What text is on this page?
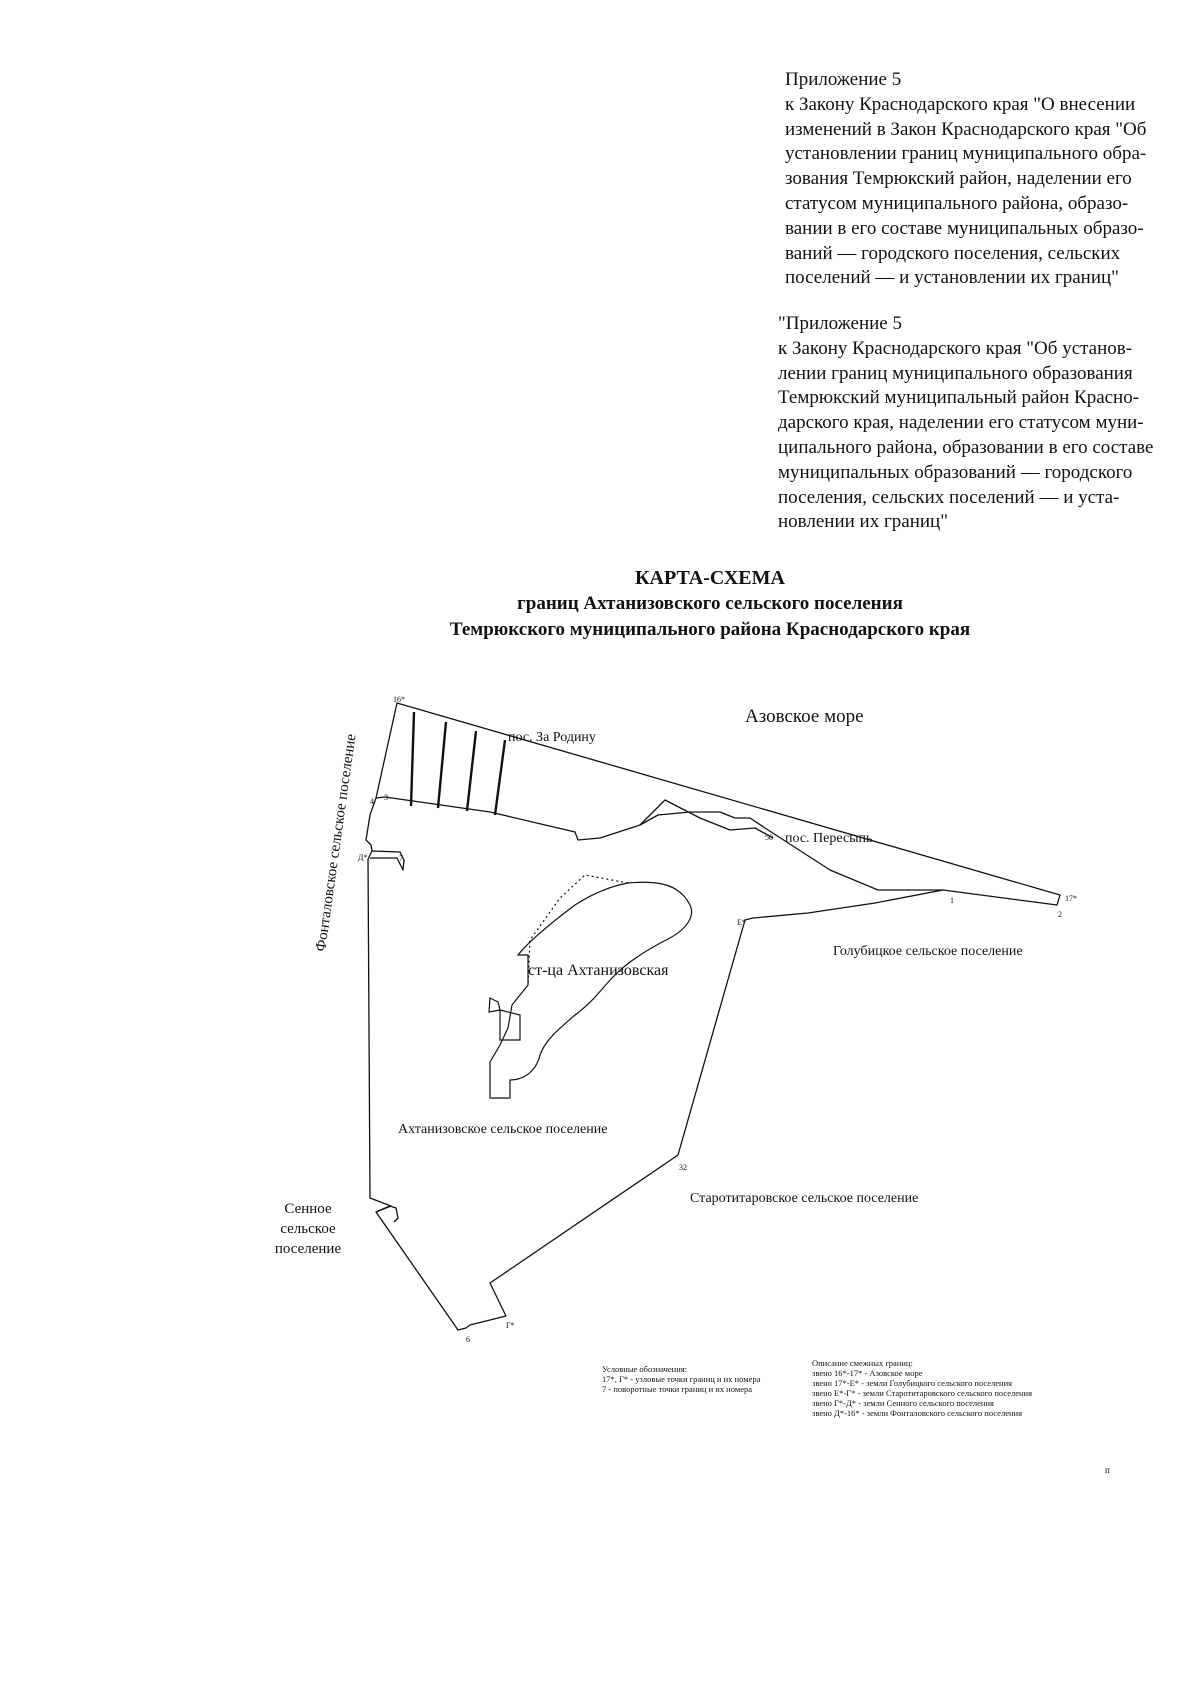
Приложение 5
к Закону Краснодарского края "О внесении
изменений в Закон Краснодарского края "Об
установлении границ муниципального обра-
зования Темрюкский район, наделении его
статусом муниципального района, образо-
вании в его составе муниципальных образо-
ваний — городского поселения, сельских
поселений — и установлении их границ"
"Приложение 5
к Закону Краснодарского края "Об установ-
лении границ муниципального образования
Темрюкский муниципальный район Красно-
дарского края, наделении его статусом муни-
ципального района, образовании в его составе
муниципальных образований — городского
поселения, сельских поселений — и уста-
новлении их границ"
КАРТА-СХЕМА
границ Ахтанизовского сельского поселения
Темрюкского муниципального района Краснодарского края
Азовское море
пос. За Родину
пос. Пересыпь
Фонталовское сельское поселение	Голубицкое сельское поселение
ст-ца Ахтанизовская
Ахтанизовское сельское поселение
Старотитаровское сельское поселение
Сенное
сельское
поселение
16*
17*
1
2
3
4
Д*	7
Е*
32
Г*
6
50
Условные обозначения:
17*, Г* - узловые точки границ и их номера
7 - поворотные точки границ и их номера
Описание смежных границ:
звено 16*-17* - Азовское море
звено 17*-Е* - земли Голубицкого сельского поселения
звено Е*-Г* - земли Старотитаровского сельского поселения
звено Г*-Д* - земли Сенного сельского поселения
звено Д*-16* - земли Фонталовского сельского поселения
п
